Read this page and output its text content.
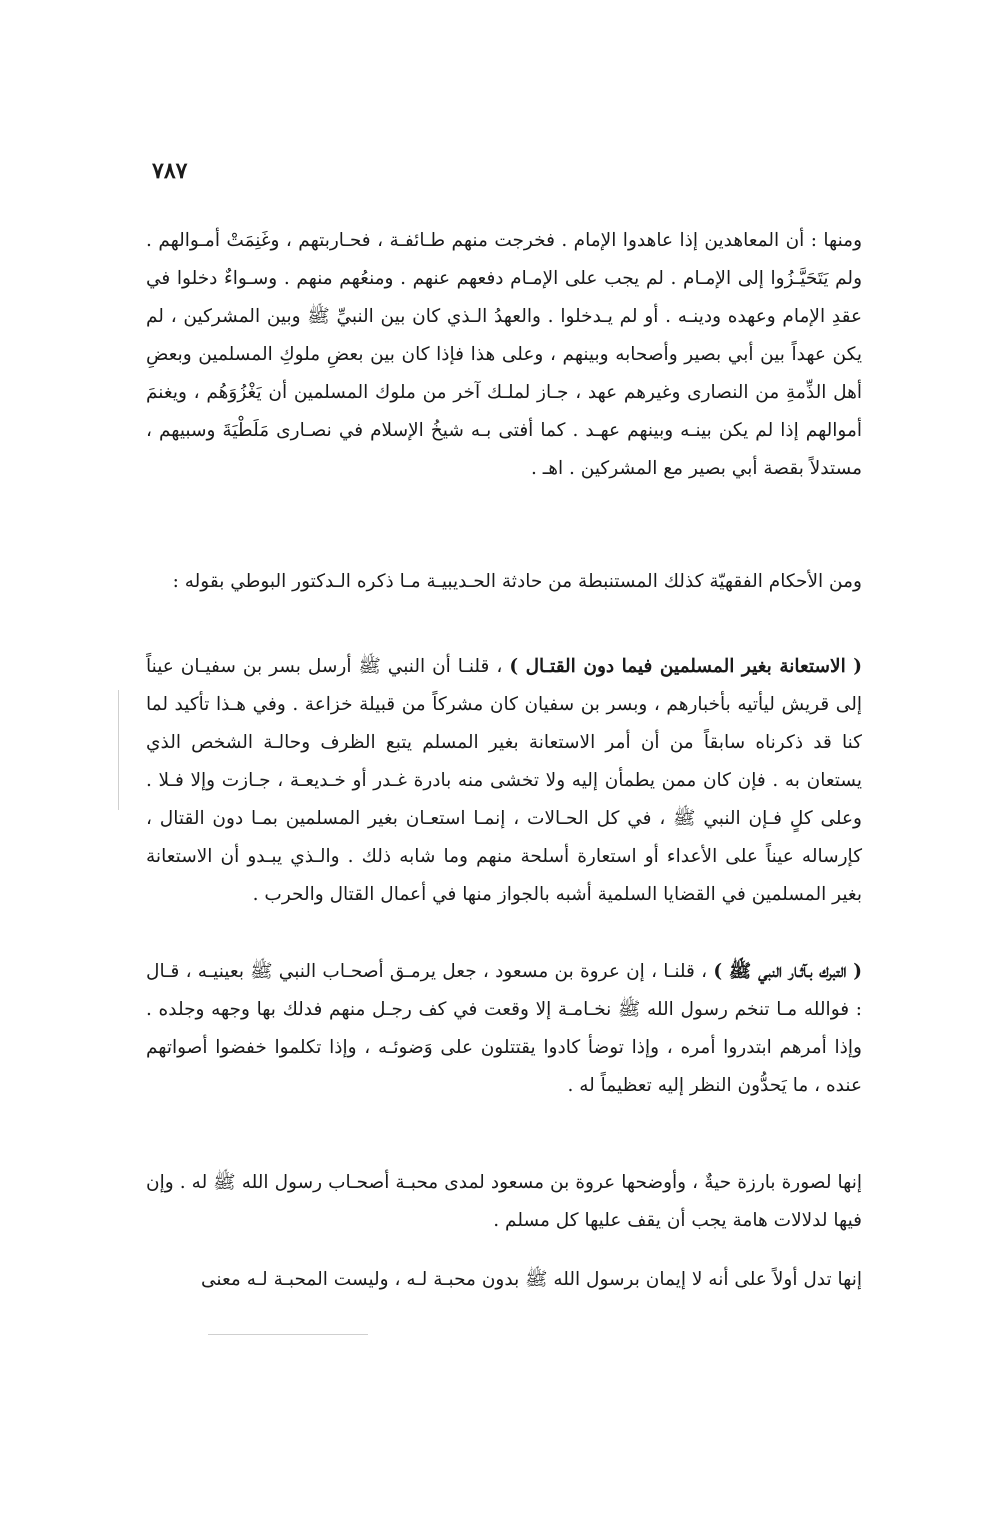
٧٨٧

ومنها : أن المعاهدين إذا عاهدوا الإمام . فخرجت منهم طـائفـة ، فحـاربتهم ، وغَنِمَتْ أمـوالهم . ولم يَتَحَيَّـزُوا إلى الإمـام . لم يجب على الإمـام دفعهم عنهم . ومنعُهم منهم . وسـواءٌ دخلوا في عقدِ الإمام وعهده ودينـه . أو لم يـدخلوا . والعهدُ الـذي كان بين النبيِّ ﷺ وبين المشركين ، لم يكن عهداً بين أبي بصير وأصحابه وبينهم ، وعلى هذا فإذا كان بين بعضِ ملوكِ المسلمين وبعضِ أهل الذِّمةِ من النصارى وغيرهم عهد ، جـاز لملـك آخر من ملوك المسلمين أن يَغْزُوَهُم ، ويغنمَ أموالهم إذا لم يكن بينـه وبينهم عهـد . كما أفتى بـه شيخُ الإسلام في نصـارى مَلَطْيَةَ وسبيهم ، مستدلاً بقصة أبي بصير مع المشركين . اهـ .

ومن الأحكام الفقهيّة كذلك المستنبطة من حادثة الحـديبيـة مـا ذكره الـدكتور البوطي بقوله :

( الاستعانة بغير المسلمين فيما دون القتـال ) ، قلنـا أن النبي ﷺ أرسل بسر بن سفيـان عيناً إلى قريش ليأتيه بأخبارهم ، وبسر بن سفيان كان مشركاً من قبيلة خزاعة . وفي هـذا تأكيد لما كنا قد ذكرناه سابقاً من أن أمر الاستعانة بغير المسلم يتبع الظرف وحالـة الشخص الذي يستعان به . فإن كان ممن يطمأن إليه ولا تخشى منه بادرة غـدر أو خـديعـة ، جـازت وإلا فـلا . وعلى كلٍ فـإن النبي ﷺ ، في كل الحـالات ، إنمـا استعـان بغير المسلمين بمـا دون القتال ، كإرساله عيناً على الأعداء أو استعارة أسلحة منهم وما شابه ذلك . والـذي يبـدو أن الاستعانة بغير المسلمين في القضايا السلمية أشبه بالجواز منها في أعمال القتال والحرب .

( التبرك بـآثـار النبي ﷺ ) ، قلنـا ، إن عروة بن مسعود ، جعل يرمـق أصحـاب النبي ﷺ بعينيـه ، قـال : فوالله مـا تنخم رسول الله ﷺ نخـامـة إلا وقعت في كف رجـل منهم فدلك بها وجهه وجلده . وإذا أمرهم ابتدروا أمره ، وإذا توضأ كادوا يقتتلون على وَضوئـه ، وإذا تكلموا خفضوا أصواتهم عنده ، ما يَحدُّون النظر إليه تعظيماً له .

إنها لصورة بارزة حيةٌ ، وأوضحها عروة بن مسعود لمدى محبـة أصحـاب رسول الله ﷺ له . وإن فيها لدلالات هامة يجب أن يقف عليها كل مسلم .

إنها تدل أولاً على أنه لا إيمان برسول الله ﷺ بدون محبـة لـه ، وليست المحبـة لـه معنى
